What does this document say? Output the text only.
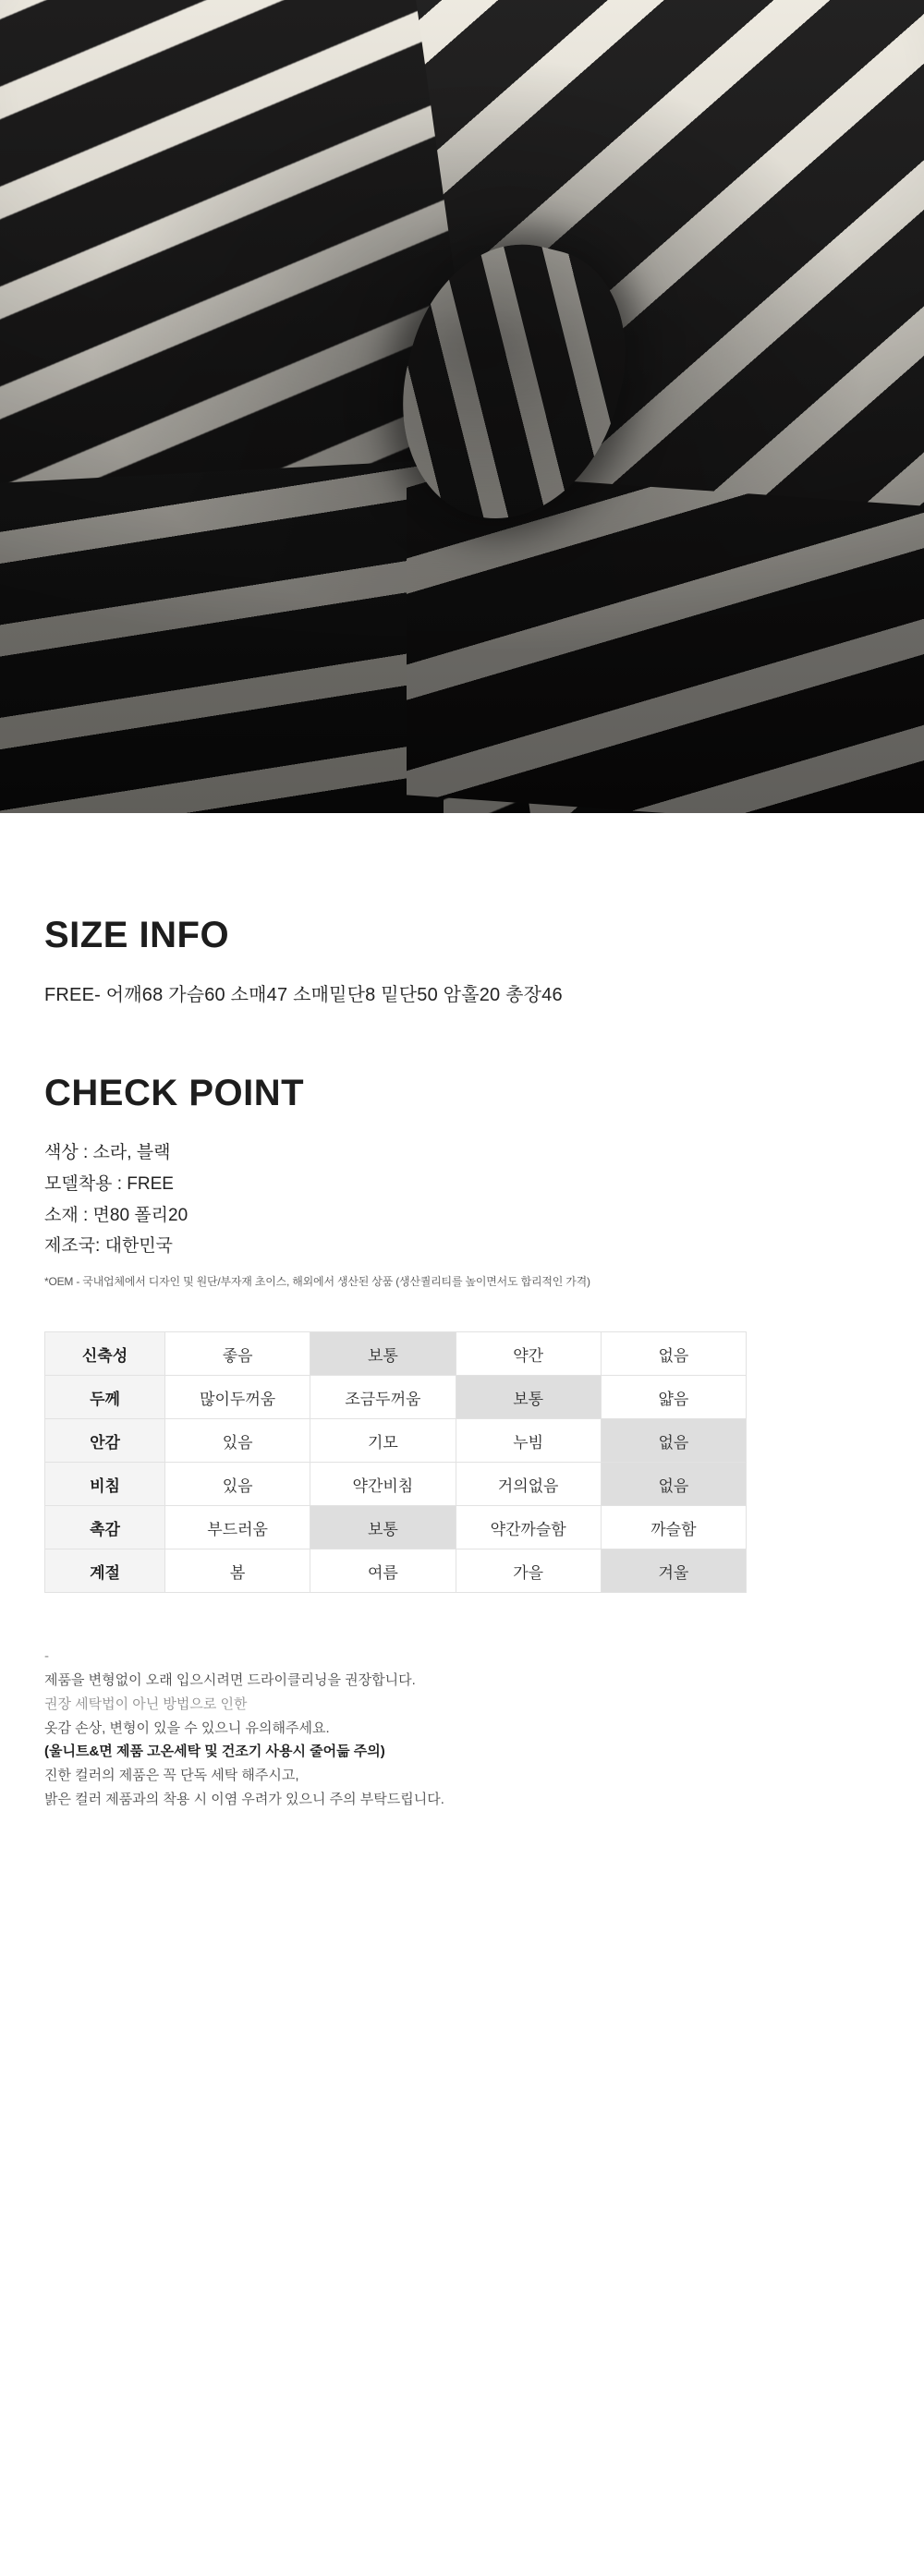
SIZE INFO
FREE- 어깨68 가슴60 소매47 소매밑단8 밑단50 암홀20 총장46
CHECK POINT
색상 : 소라, 블랙
모델착용 : FREE
소재 : 면80 폴리20
제조국: 대한민국
*OEM - 국내업체에서 디자인 및 원단/부자재 초이스, 해외에서 생산된 상품 (생산퀄리티를 높이면서도 합리적인 가격)
신축성	좋음	보통	약간	없음
두께	많이두꺼움	조금두꺼움	보통	얇음
안감	있음	기모	누빔	없음
비침	있음	약간비침	거의없음	없음
촉감	부드러움	보통	약간까슬함	까슬함
계절	봄	여름	가을	겨울
-
제품을 변형없이 오래 입으시려면 드라이클리닝을 권장합니다.
권장 세탁법이 아닌 방법으로 인한
옷감 손상, 변형이 있을 수 있으니 유의해주세요.
(울니트&면 제품 고온세탁 및 건조기 사용시 줄어듦 주의)
진한 컬러의 제품은 꼭 단독 세탁 해주시고,
밝은 컬러 제품과의 착용 시 이염 우려가 있으니 주의 부탁드립니다.
